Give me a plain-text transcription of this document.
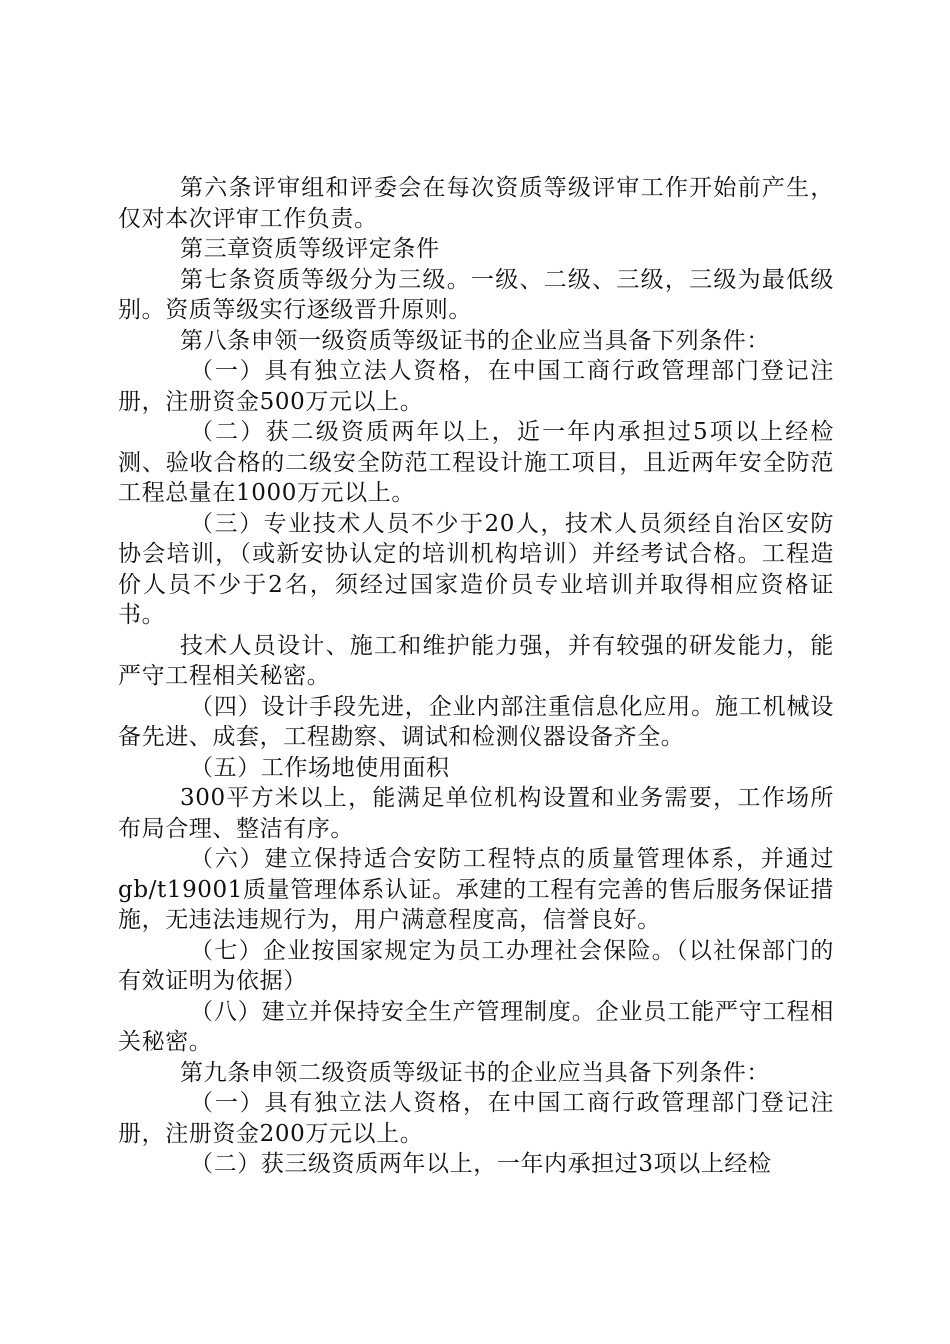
第六条评审组和评委会在每次资质等级评审工作开始前产生，仅对本次评审工作负责。

第三章资质等级评定条件

第七条资质等级分为三级。一级、二级、三级，三级为最低级别。资质等级实行逐级晋升原则。

第八条申领一级资质等级证书的企业应当具备下列条件：

（一）具有独立法人资格，在中国工商行政管理部门登记注册，注册资金500万元以上。

（二）获二级资质两年以上，近一年内承担过5项以上经检测、验收合格的二级安全防范工程设计施工项目，且近两年安全防范工程总量在1000万元以上。

（三）专业技术人员不少于20人，技术人员须经自治区安防协会培训，（或新安协认定的培训机构培训）并经考试合格。工程造价人员不少于2名，须经过国家造价员专业培训并取得相应资格证书。

技术人员设计、施工和维护能力强，并有较强的研发能力，能严守工程相关秘密。

（四）设计手段先进，企业内部注重信息化应用。施工机械设备先进、成套，工程勘察、调试和检测仪器设备齐全。

（五）工作场地使用面积

300平方米以上，能满足单位机构设置和业务需要，工作场所布局合理、整洁有序。

（六）建立保持适合安防工程特点的质量管理体系，并通过gb/t19001质量管理体系认证。承建的工程有完善的售后服务保证措施，无违法违规行为，用户满意程度高，信誉良好。

（七）企业按国家规定为员工办理社会保险。（以社保部门的有效证明为依据）

（八）建立并保持安全生产管理制度。企业员工能严守工程相关秘密。

第九条申领二级资质等级证书的企业应当具备下列条件：

（一）具有独立法人资格，在中国工商行政管理部门登记注册，注册资金200万元以上。

（二）获三级资质两年以上，一年内承担过3项以上经检
